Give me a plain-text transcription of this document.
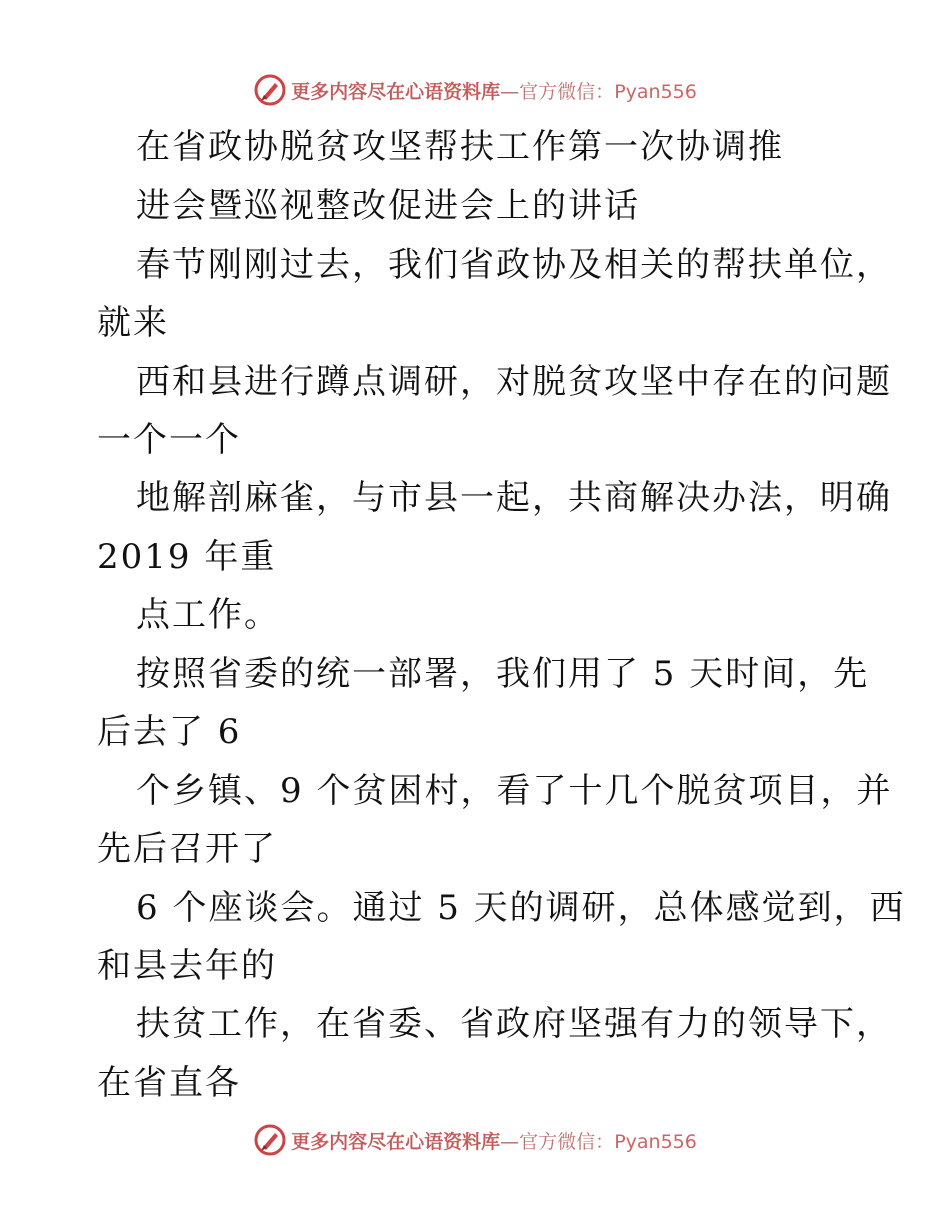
更多内容尽在心语资料库—官方微信：Pyan556
在省政协脱贫攻坚帮扶工作第一次协调推
进会暨巡视整改促进会上的讲话
春节刚刚过去，我们省政协及相关的帮扶单位，
就来
西和县进行蹲点调研，对脱贫攻坚中存在的问题
一个一个
地解剖麻雀，与市县一起，共商解决办法，明确
2019 年重
点工作。
按照省委的统一部署，我们用了 5 天时间，先
后去了 6
个乡镇、9 个贫困村，看了十几个脱贫项目，并
先后召开了
6 个座谈会。通过 5 天的调研，总体感觉到，西
和县去年的
扶贫工作，在省委、省政府坚强有力的领导下，
在省直各
更多内容尽在心语资料库—官方微信：Pyan556
